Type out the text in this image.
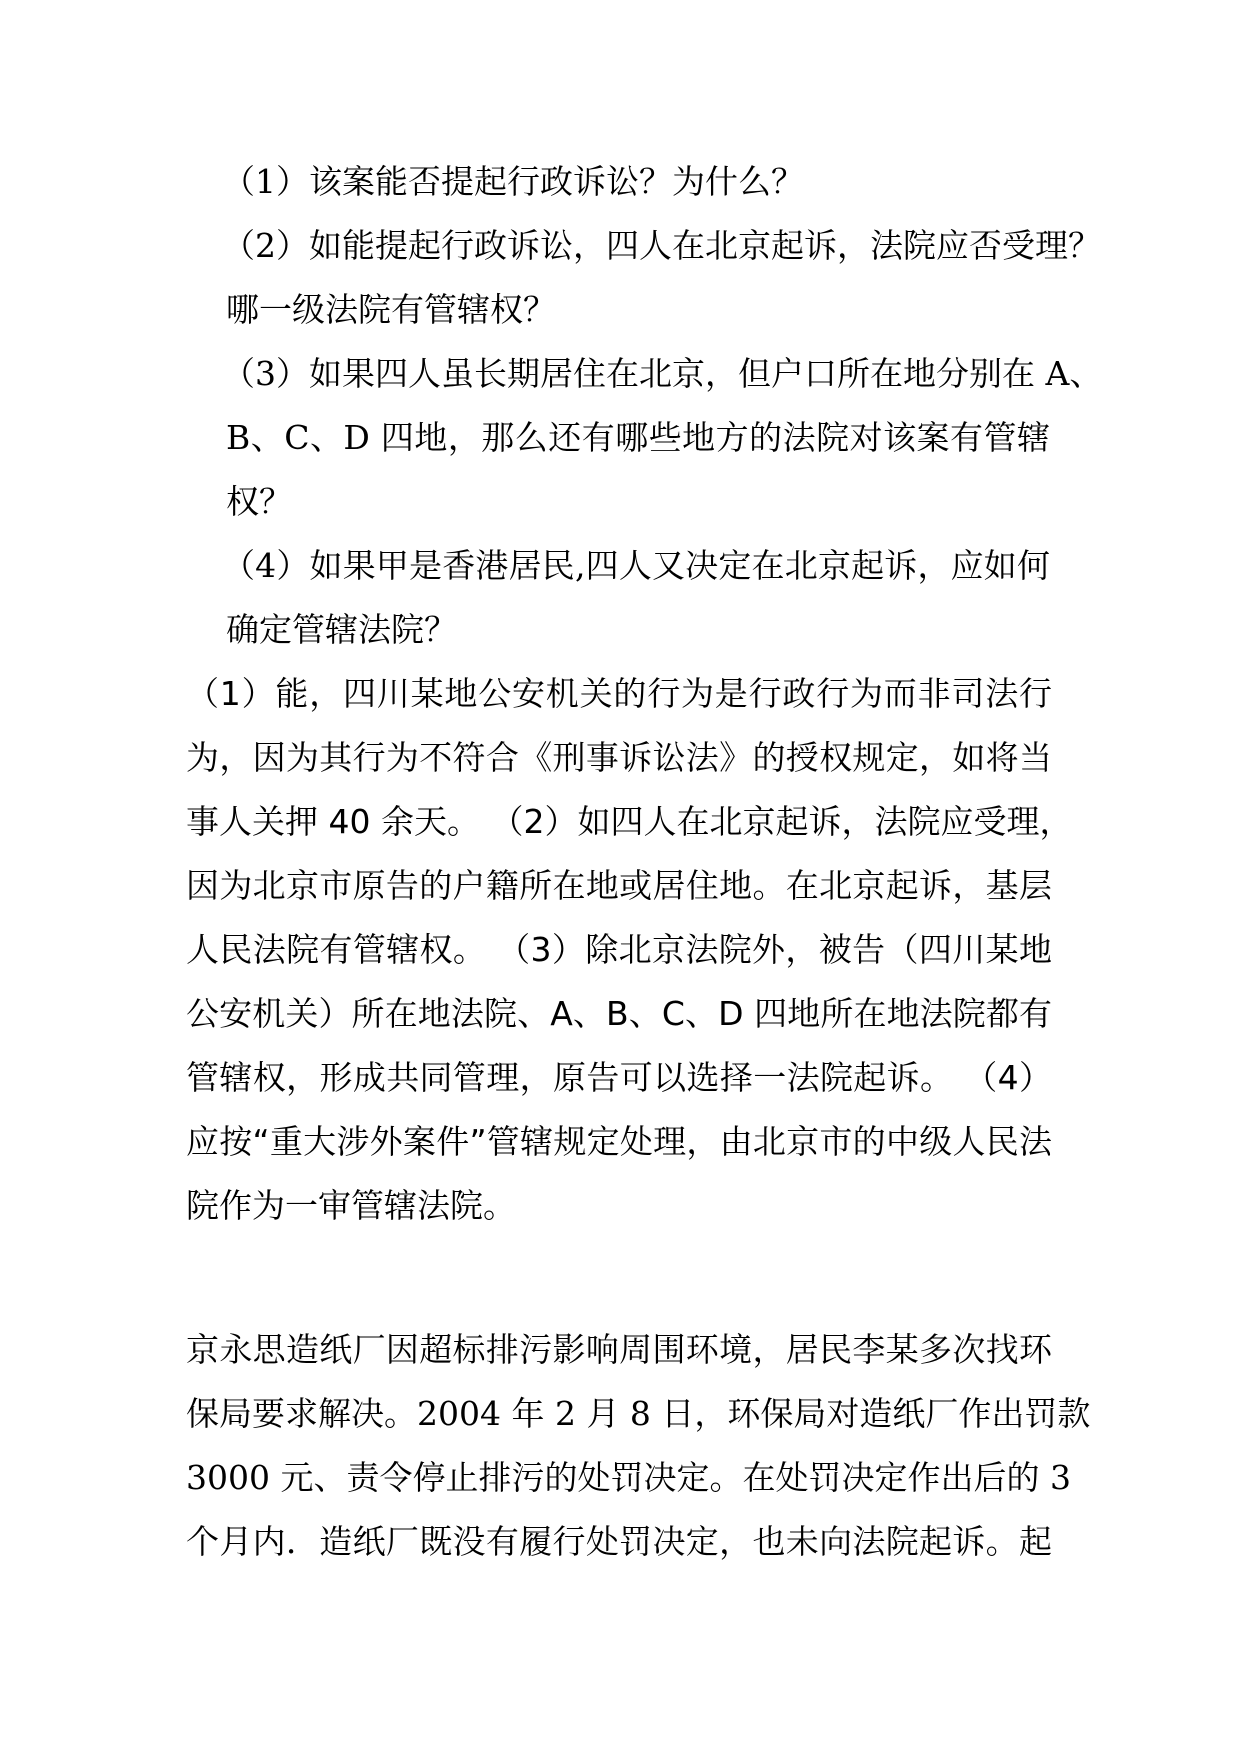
（1）该案能否提起行政诉讼？为什么？
（2）如能提起行政诉讼，四人在北京起诉，法院应否受理？
哪一级法院有管辖权？
（3）如果四人虽长期居住在北京，但户口所在地分别在 A、
B、C、D 四地，那么还有哪些地方的法院对该案有管辖
权？
（4）如果甲是香港居民,四人又决定在北京起诉，应如何
确定管辖法院？
（1）能，四川某地公安机关的行为是行政行为而非司法行
为，因为其行为不符合《刑事诉讼法》的授权规定，如将当
事人关押 40 余天。 （2）如四人在北京起诉，法院应受理，
因为北京市原告的户籍所在地或居住地。在北京起诉，基层
人民法院有管辖权。 （3）除北京法院外，被告（四川某地
公安机关）所在地法院、A、B、C、D 四地所在地法院都有
管辖权，形成共同管理，原告可以选择一法院起诉。 （4）
应按“重大涉外案件”管辖规定处理，由北京市的中级人民法
院作为一审管辖法院。
京永思造纸厂因超标排污影响周围环境，居民李某多次找环
保局要求解决。2004 年 2 月 8 日，环保局对造纸厂作出罚款
3000 元、责令停止排污的处罚决定。在处罚决定作出后的 3
个月内．造纸厂既没有履行处罚决定，也未向法院起诉。起
